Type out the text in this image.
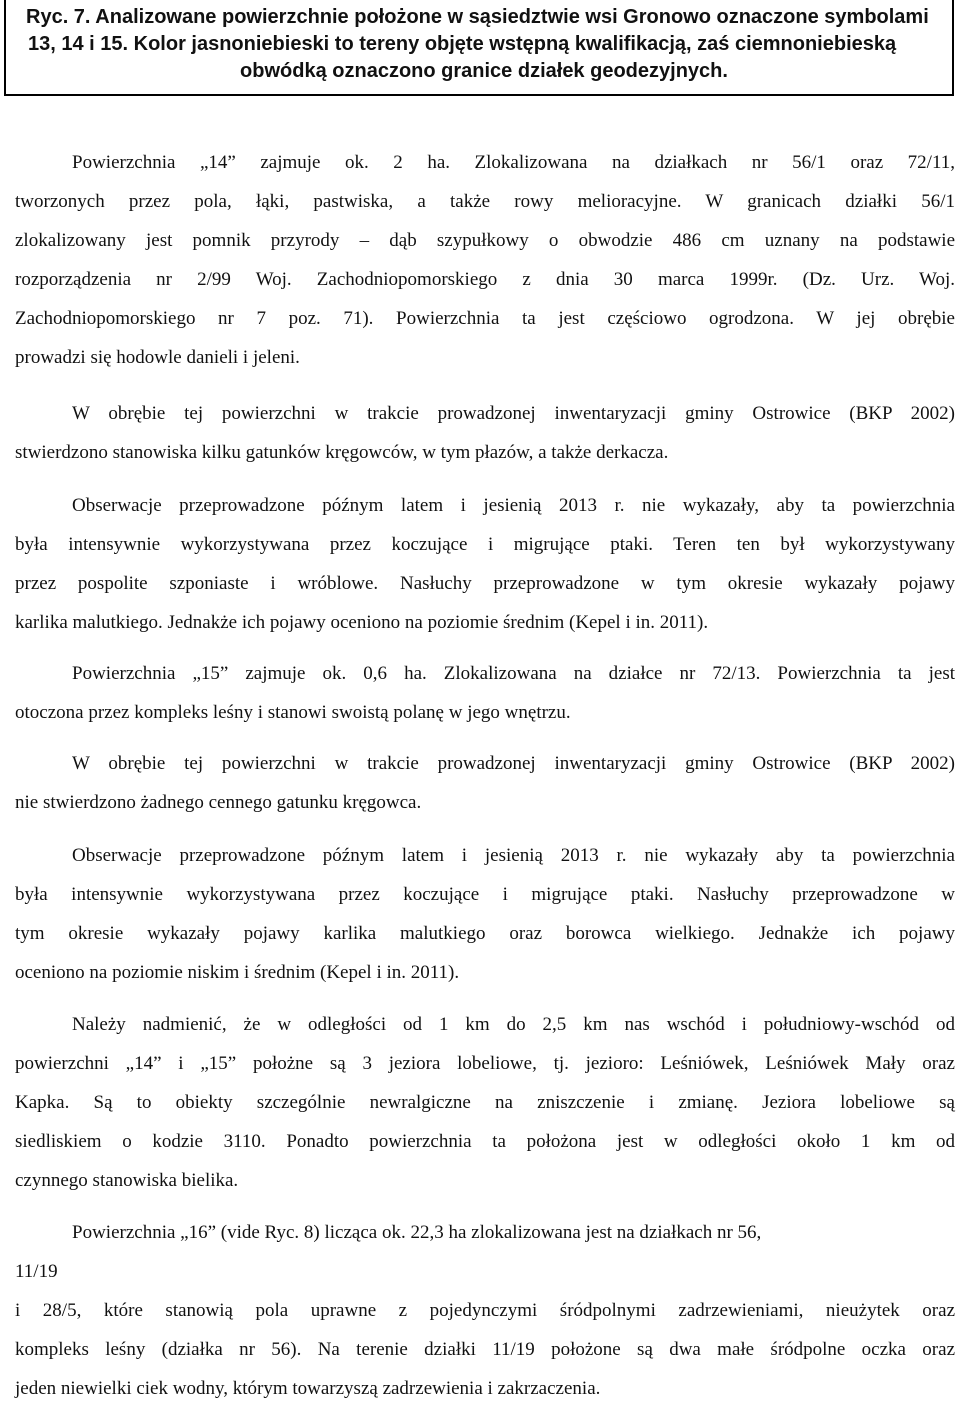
Ryc. 7. Analizowane powierzchnie położone w sąsiedztwie wsi Gronowo oznaczone symbolami
13, 14 i 15. Kolor jasnoniebieski to tereny objęte wstępną kwalifikacją, zaś ciemnoniebieską
obwódką oznaczono granice działek geodezyjnych.
Powierzchnia „14” zajmuje ok. 2 ha. Zlokalizowana na działkach nr 56/1 oraz 72/11,
tworzonych przez pola, łąki, pastwiska, a także rowy melioracyjne. W granicach działki 56/1
zlokalizowany jest pomnik przyrody – dąb szypułkowy o obwodzie 486 cm uznany na podstawie
rozporządzenia nr 2/99 Woj. Zachodniopomorskiego z dnia 30 marca 1999r. (Dz. Urz. Woj.
Zachodniopomorskiego nr 7 poz. 71). Powierzchnia ta jest częściowo ogrodzona. W jej obrębie
prowadzi się hodowle danieli i jeleni.
W obrębie tej powierzchni w trakcie prowadzonej inwentaryzacji gminy Ostrowice (BKP 2002)
stwierdzono stanowiska kilku gatunków kręgowców, w tym płazów, a także derkacza.
Obserwacje przeprowadzone późnym latem i jesienią 2013 r. nie wykazały, aby ta powierzchnia
była intensywnie wykorzystywana przez koczujące i migrujące ptaki. Teren ten był wykorzystywany
przez pospolite szponiaste i wróblowe. Nasłuchy przeprowadzone w tym okresie wykazały pojawy
karlika malutkiego. Jednakże ich pojawy oceniono na poziomie średnim (Kepel i in. 2011).
Powierzchnia „15” zajmuje ok. 0,6 ha. Zlokalizowana na działce nr 72/13. Powierzchnia ta jest
otoczona przez kompleks leśny i stanowi swoistą polanę w jego wnętrzu.
W obrębie tej powierzchni w trakcie prowadzonej inwentaryzacji gminy Ostrowice (BKP 2002)
nie stwierdzono żadnego cennego gatunku kręgowca.
Obserwacje przeprowadzone późnym latem i jesienią 2013 r. nie wykazały aby ta powierzchnia
była intensywnie wykorzystywana przez koczujące i migrujące ptaki. Nasłuchy przeprowadzone w
tym okresie wykazały pojawy karlika malutkiego oraz borowca wielkiego. Jednakże ich pojawy
oceniono na poziomie niskim i średnim (Kepel i in. 2011).
Należy nadmienić, że w odległości od 1 km do 2,5 km nas wschód i południowy-wschód od
powierzchni „14” i „15” położne są 3 jeziora lobeliowe, tj. jezioro: Leśniówek, Leśniówek Mały oraz
Kapka. Są to obiekty szczególnie newralgiczne na zniszczenie i zmianę. Jeziora lobeliowe są
siedliskiem o kodzie 3110. Ponadto powierzchnia ta położona jest w odległości około 1 km od
czynnego stanowiska bielika.
Powierzchnia „16” (vide Ryc. 8) licząca ok. 22,3 ha zlokalizowana jest na działkach nr 56,
11/19
i 28/5, które stanowią pola uprawne z pojedynczymi śródpolnymi zadrzewieniami, nieużytek oraz
kompleks leśny (działka nr 56). Na terenie działki 11/19 położone są dwa małe śródpolne oczka oraz
jeden niewielki ciek wodny, którym towarzyszą zadrzewienia i zakrzaczenia.
